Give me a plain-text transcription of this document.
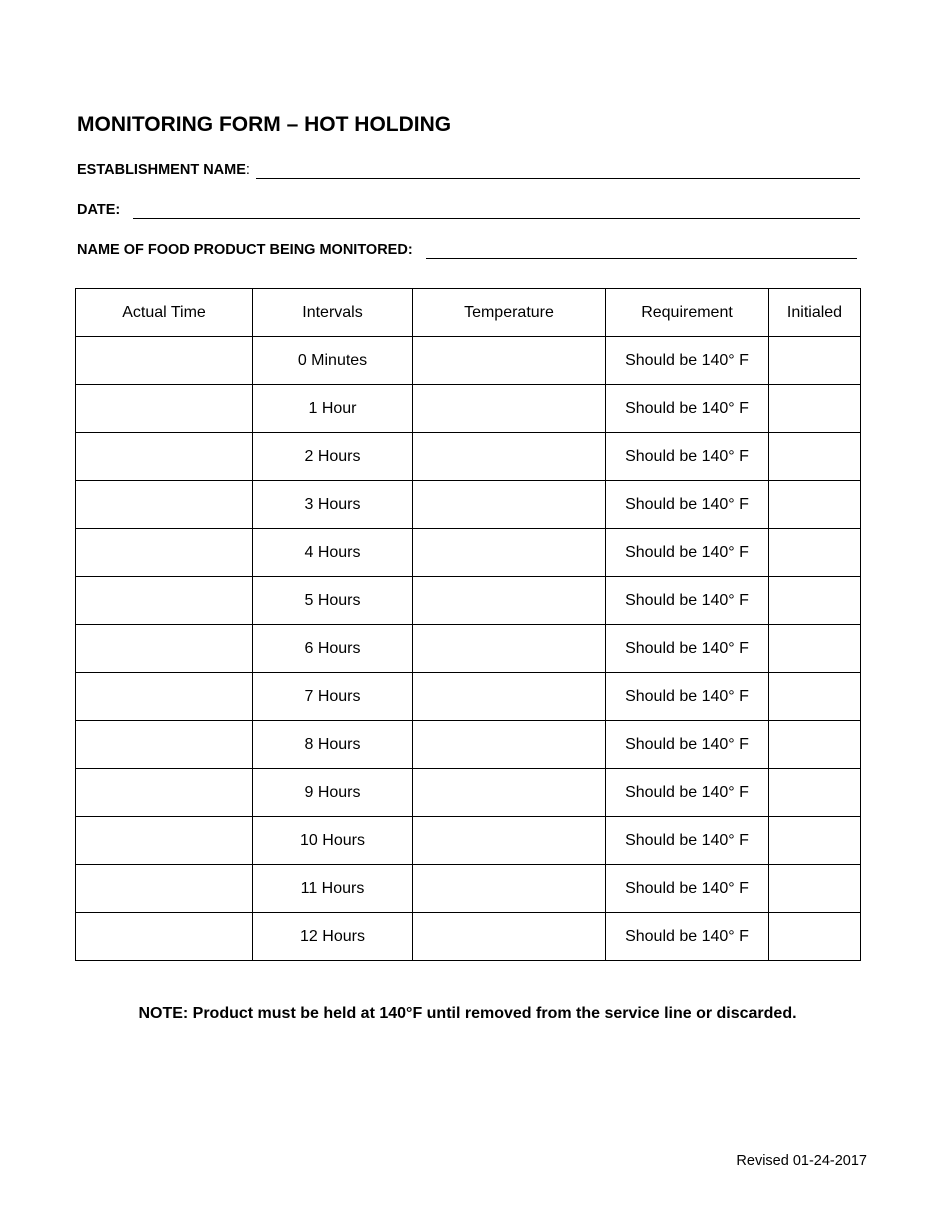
MONITORING FORM – HOT HOLDING
ESTABLISHMENT NAME:
DATE:
NAME OF FOOD PRODUCT BEING MONITORED:
Actual Time	Intervals	Temperature	Requirement	Initialed
	0 Minutes		Should be 140° F	
	1 Hour		Should be 140° F	
	2 Hours		Should be 140° F	
	3 Hours		Should be 140° F	
	4 Hours		Should be 140° F	
	5 Hours		Should be 140° F	
	6 Hours		Should be 140° F	
	7 Hours		Should be 140° F	
	8 Hours		Should be 140° F	
	9 Hours		Should be 140° F	
	10 Hours		Should be 140° F	
	11 Hours		Should be 140° F	
	12 Hours		Should be 140° F	
NOTE: Product must be held at 140°F until removed from the service line or discarded.
Revised 01-24-2017
